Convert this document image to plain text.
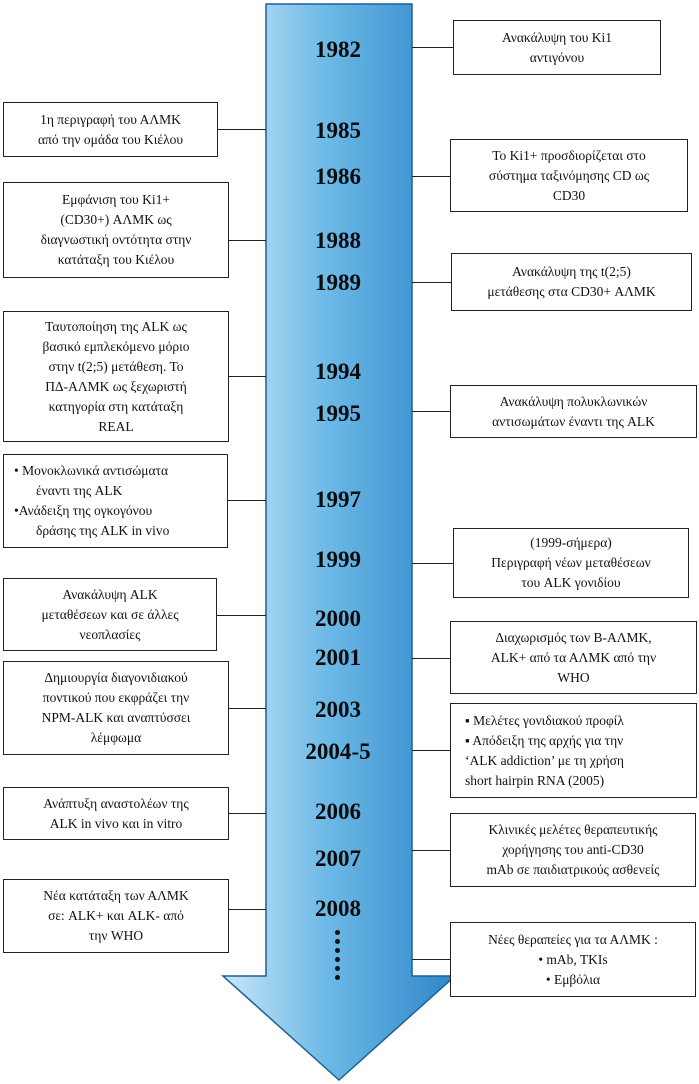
1982
1985
1986
1988
1989
1994
1995
1997
1999
2000
2001
2003
2004-5
2006
2007
2008
Ανακάλυψη του Ki1
αντιγόνου
Το Ki1+ προσδιορίζεται στο
σύστημα ταξινόμησης CD ως
CD30
Ανακάλυψη της t(2;5)
μετάθεσης στα CD30+ ΑΛΜΚ
Ανακάλυψη πολυκλωνικών
αντισωμάτων έναντι της ALK
(1999-σήμερα)
Περιγραφή νέων μεταθέσεων
του ALK γονιδίου
Διαχωρισμός των Β-ΑΛΜΚ,
ALK+ από τα ΑΛΜΚ από την
WHO
▪ Μελέτες γονιδιακού προφίλ
▪ Απόδειξη της αρχής για την
‘ALK addiction’ με τη χρήση
short hairpin RNA (2005)
Κλινικές μελέτες θεραπευτικής
χορήγησης του anti-CD30
mAb σε παιδιατρικούς ασθενείς
Νέες θεραπείες για τα ΑΛΜΚ :
• mAb, TKIs
• Εμβόλια
1η περιγραφή του ΑΛΜΚ
από την ομάδα του Κιέλου
Εμφάνιση του Ki1+
(CD30+) ΑΛΜΚ ως
διαγνωστική οντότητα στην
κατάταξη του Κιέλου
Ταυτοποίηση της ALK ως
βασικό εμπλεκόμενο μόριο
στην t(2;5) μετάθεση. Το
ΠΔ-ΑΛΜΚ ως ξεχωριστή
κατηγορία στη κατάταξη
REAL
• Μονοκλωνικά αντισώματα
έναντι της ALK
•Ανάδειξη της ογκογόνου
δράσης της ALK in vivo
Ανακάλυψη ALK
μεταθέσεων και σε άλλες
νεοπλασίες
Δημιουργία διαγονιδιακού
ποντικού που εκφράζει την
NPM-ALK και αναπτύσσει
λέμφωμα
Ανάπτυξη αναστολέων της
ALK in vivo και in vitro
Νέα κατάταξη των ΑΛΜΚ
σε: ALK+ και ALK- από
την WHO
